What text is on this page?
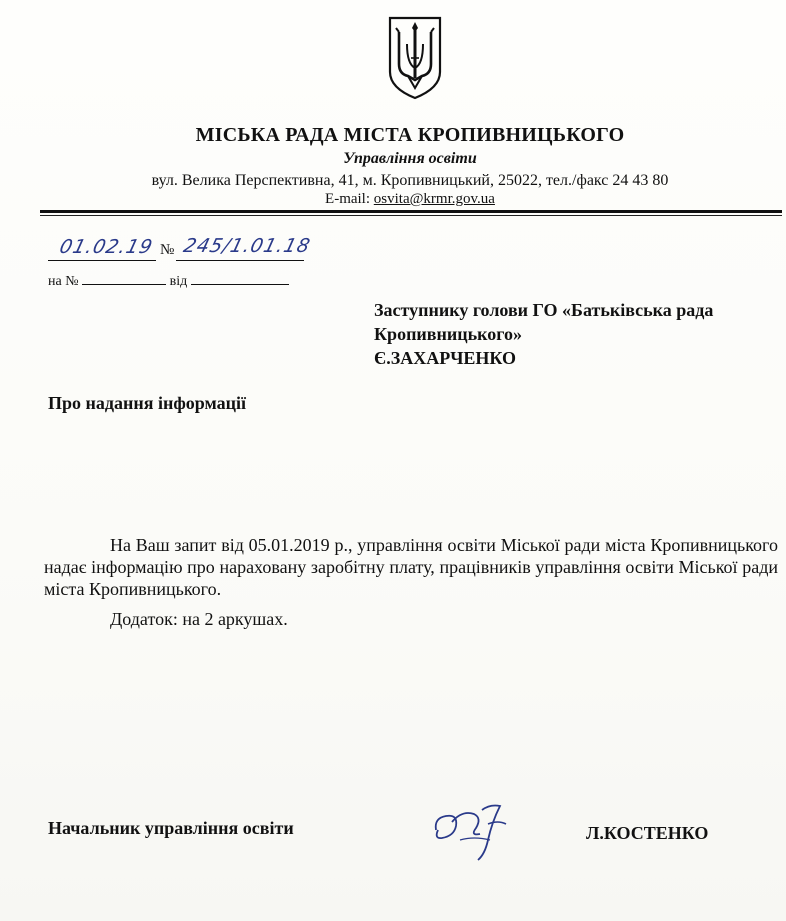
МІСЬКА РАДА МІСТА КРОПИВНИЦЬКОГО
Управління освіти
вул. Велика Перспективна, 41, м. Кропивницький, 25022, тел./факс 24 43 80
E-mail: osvita@krmr.gov.ua
01.02.19 № 245/1.01.18
на №	від
Заступнику голови ГО «Батьківська рада
Кропивницького»
Є.ЗАХАРЧЕНКО
Про надання інформації
На Ваш запит від 05.01.2019 р., управління освіти Міської ради міста Кропивницького надає інформацію про нараховану заробітну плату, працівників управління освіти Міської ради міста Кропивницького.
Додаток: на 2 аркушах.
Начальник управління освіти	Л.КОСТЕНКО
